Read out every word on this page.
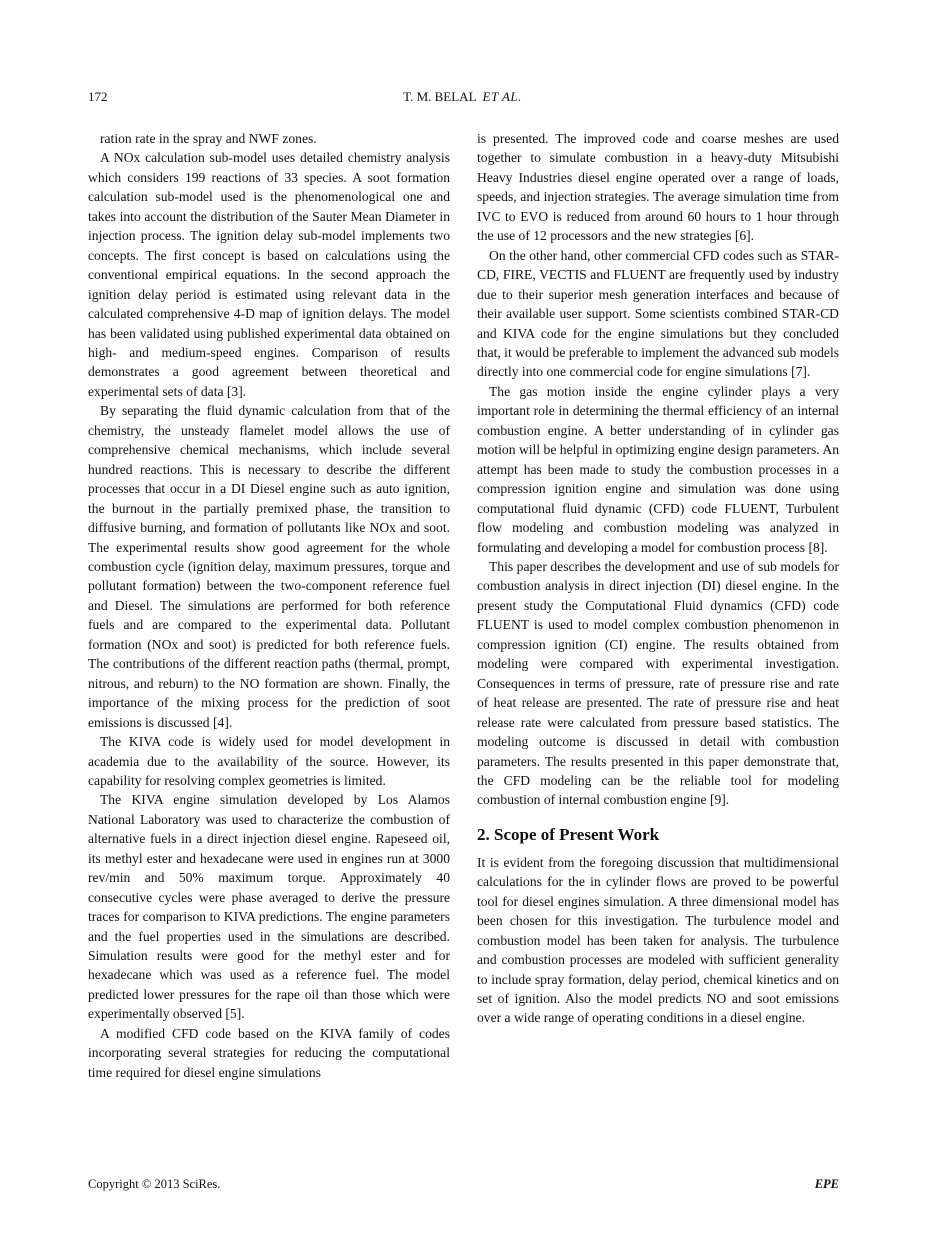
172	T. M. BELAL ET AL.

ration rate in the spray and NWF zones.

A NOx calculation sub-model uses detailed chemistry analysis which considers 199 reactions of 33 species. A soot formation calculation sub-model used is the phenomenological one and takes into account the distribution of the Sauter Mean Diameter in injection process. The ignition delay sub-model implements two concepts. The first concept is based on calculations using the conventional empirical equations. In the second approach the ignition delay period is estimated using relevant data in the calculated comprehensive 4-D map of ignition delays. The model has been validated using published experimental data obtained on high- and medium-speed engines. Comparison of results demonstrates a good agreement between theoretical and experimental sets of data [3].

By separating the fluid dynamic calculation from that of the chemistry, the unsteady flamelet model allows the use of comprehensive chemical mechanisms, which include several hundred reactions. This is necessary to describe the different processes that occur in a DI Diesel engine such as auto ignition, the burnout in the partially premixed phase, the transition to diffusive burning, and formation of pollutants like NOx and soot. The experimental results show good agreement for the whole combustion cycle (ignition delay, maximum pressures, torque and pollutant formation) between the two-component reference fuel and Diesel. The simulations are performed for both reference fuels and are compared to the experimental data. Pollutant formation (NOx and soot) is predicted for both reference fuels. The contributions of the different reaction paths (thermal, prompt, nitrous, and reburn) to the NO formation are shown. Finally, the importance of the mixing process for the prediction of soot emissions is discussed [4].

The KIVA code is widely used for model development in academia due to the availability of the source. However, its capability for resolving complex geometries is limited.

The KIVA engine simulation developed by Los Alamos National Laboratory was used to characterize the combustion of alternative fuels in a direct injection diesel engine. Rapeseed oil, its methyl ester and hexadecane were used in engines run at 3000 rev/min and 50% maximum torque. Approximately 40 consecutive cycles were phase averaged to derive the pressure traces for comparison to KIVA predictions. The engine parameters and the fuel properties used in the simulations are described. Simulation results were good for the methyl ester and for hexadecane which was used as a reference fuel. The model predicted lower pressures for the rape oil than those which were experimentally observed [5].

A modified CFD code based on the KIVA family of codes incorporating several strategies for reducing the computational time required for diesel engine simulations

is presented. The improved code and coarse meshes are used together to simulate combustion in a heavy-duty Mitsubishi Heavy Industries diesel engine operated over a range of loads, speeds, and injection strategies. The average simulation time from IVC to EVO is reduced from around 60 hours to 1 hour through the use of 12 processors and the new strategies [6].

On the other hand, other commercial CFD codes such as STAR-CD, FIRE, VECTIS and FLUENT are frequently used by industry due to their superior mesh generation interfaces and because of their available user support. Some scientists combined STAR-CD and KIVA code for the engine simulations but they concluded that, it would be preferable to implement the advanced sub models directly into one commercial code for engine simulations [7].

The gas motion inside the engine cylinder plays a very important role in determining the thermal efficiency of an internal combustion engine. A better understanding of in cylinder gas motion will be helpful in optimizing engine design parameters. An attempt has been made to study the combustion processes in a compression ignition engine and simulation was done using computational fluid dynamic (CFD) code FLUENT, Turbulent flow modeling and combustion modeling was analyzed in formulating and developing a model for combustion process [8].

This paper describes the development and use of sub models for combustion analysis in direct injection (DI) diesel engine. In the present study the Computational Fluid dynamics (CFD) code FLUENT is used to model complex combustion phenomenon in compression ignition (CI) engine. The results obtained from modeling were compared with experimental investigation. Consequences in terms of pressure, rate of pressure rise and rate of heat release are presented. The rate of pressure rise and heat release rate were calculated from pressure based statistics. The modeling outcome is discussed in detail with combustion parameters. The results presented in this paper demonstrate that, the CFD modeling can be the reliable tool for modeling combustion of internal combustion engine [9].

2. Scope of Present Work

It is evident from the foregoing discussion that multidimensional calculations for the in cylinder flows are proved to be powerful tool for diesel engines simulation. A three dimensional model has been chosen for this investigation. The turbulence model and combustion model has been taken for analysis. The turbulence and combustion processes are modeled with sufficient generality to include spray formation, delay period, chemical kinetics and on set of ignition. Also the model predicts NO and soot emissions over a wide range of operating conditions in a diesel engine.

Copyright © 2013 SciRes.	EPE
